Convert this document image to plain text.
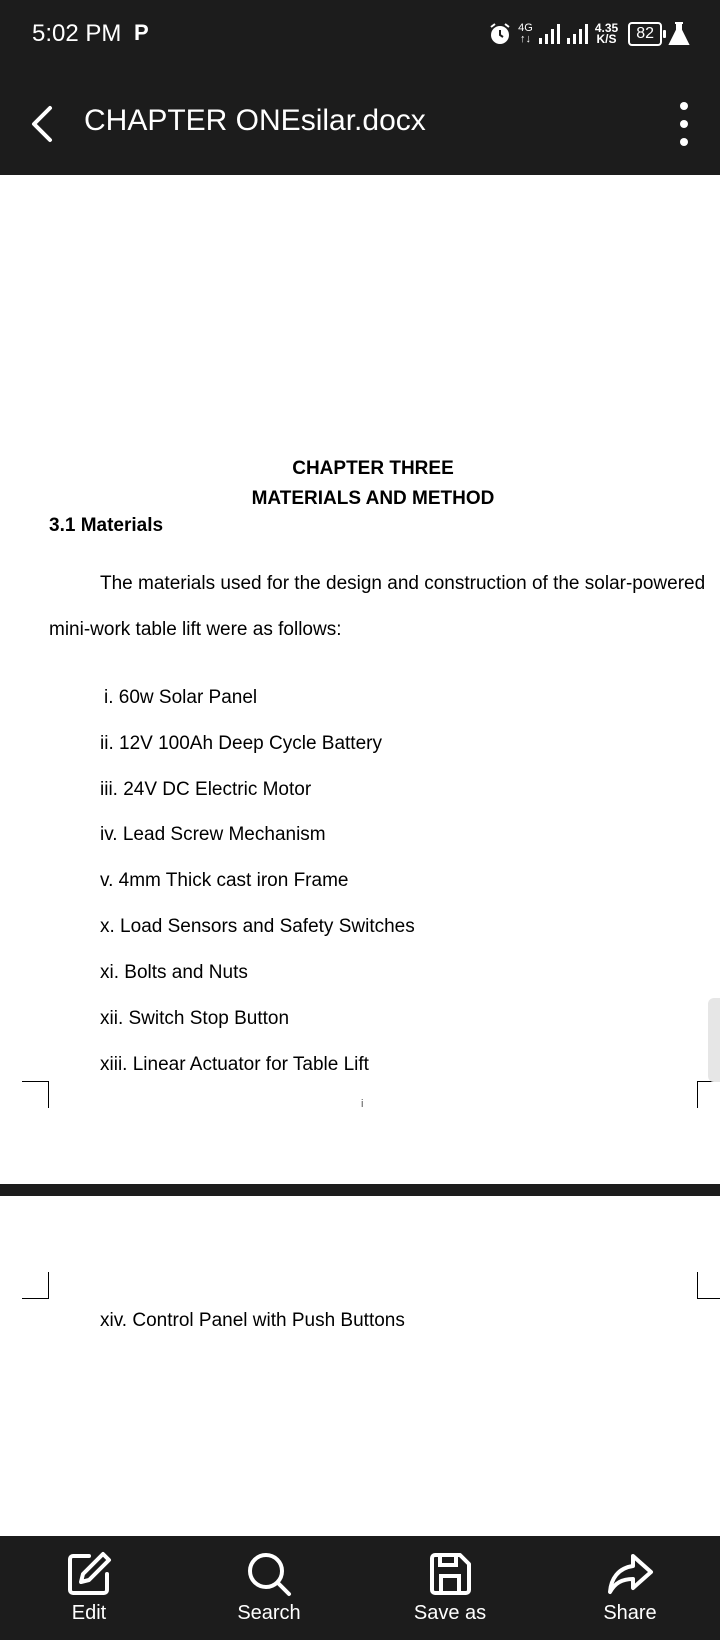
5:02 PM P	4G
↑↓
4.35
K/S	82
CHAPTER ONEsilar.docx
CHAPTER THREE
MATERIALS AND METHOD
3.1 Materials
The materials used for the design and construction of the solar-powered
mini-work table lift were as follows:
i. 60w Solar Panel
ii. 12V 100Ah Deep Cycle Battery
iii. 24V DC Electric Motor
iv. Lead Screw Mechanism
v. 4mm Thick cast iron Frame
x. Load Sensors and Safety Switches
xi. Bolts and Nuts
xii. Switch Stop Button
xiii. Linear Actuator for Table Lift
i
xiv. Control Panel with Push Buttons
Edit	Search	Save as	Share
